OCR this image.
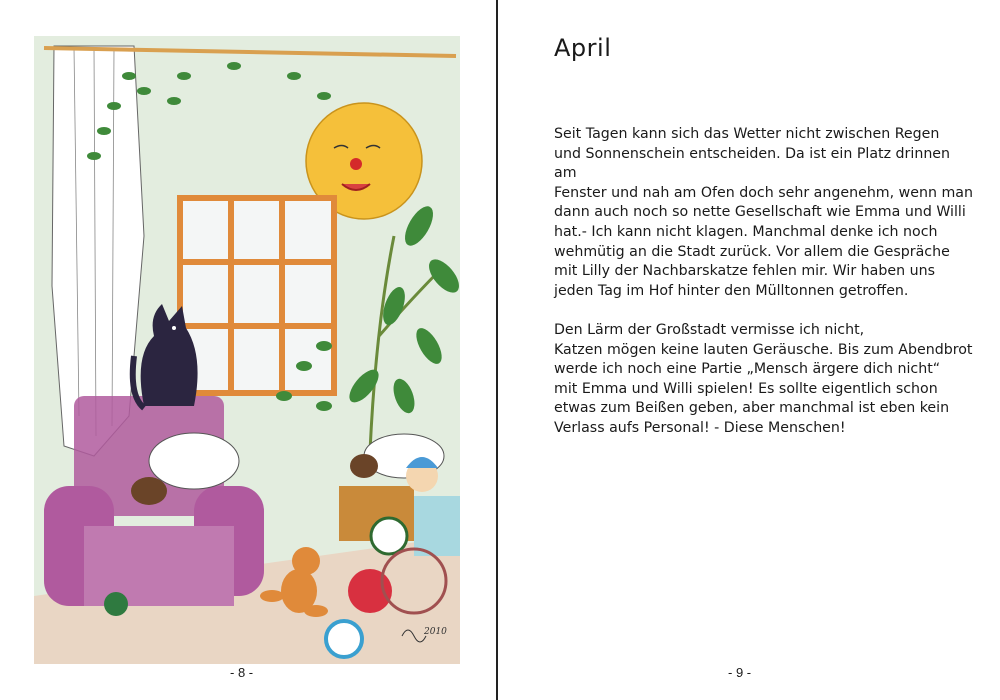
2010
- 8 -
April

Seit Tagen kann sich das Wetter nicht zwischen Regen
und Sonnenschein entscheiden. Da ist ein Platz drinnen am
Fenster und nah am Ofen doch sehr angenehm, wenn man
dann auch noch so nette Gesellschaft wie Emma und Willi
hat.- Ich kann nicht klagen. Manchmal denke ich noch
wehmütig an die Stadt zurück. Vor allem die Gespräche
mit Lilly der Nachbarskatze fehlen mir. Wir haben uns
jeden Tag im Hof hinter den Mülltonnen getroffen.

Den Lärm der Großstadt vermisse ich nicht,
Katzen mögen keine lauten Geräusche. Bis zum Abendbrot
werde ich noch eine Partie „Mensch ärgere dich nicht“
mit Emma und Willi spielen! Es sollte eigentlich schon
etwas zum Beißen geben, aber manchmal ist eben kein
Verlass aufs Personal! - Diese Menschen!

- 9 -
